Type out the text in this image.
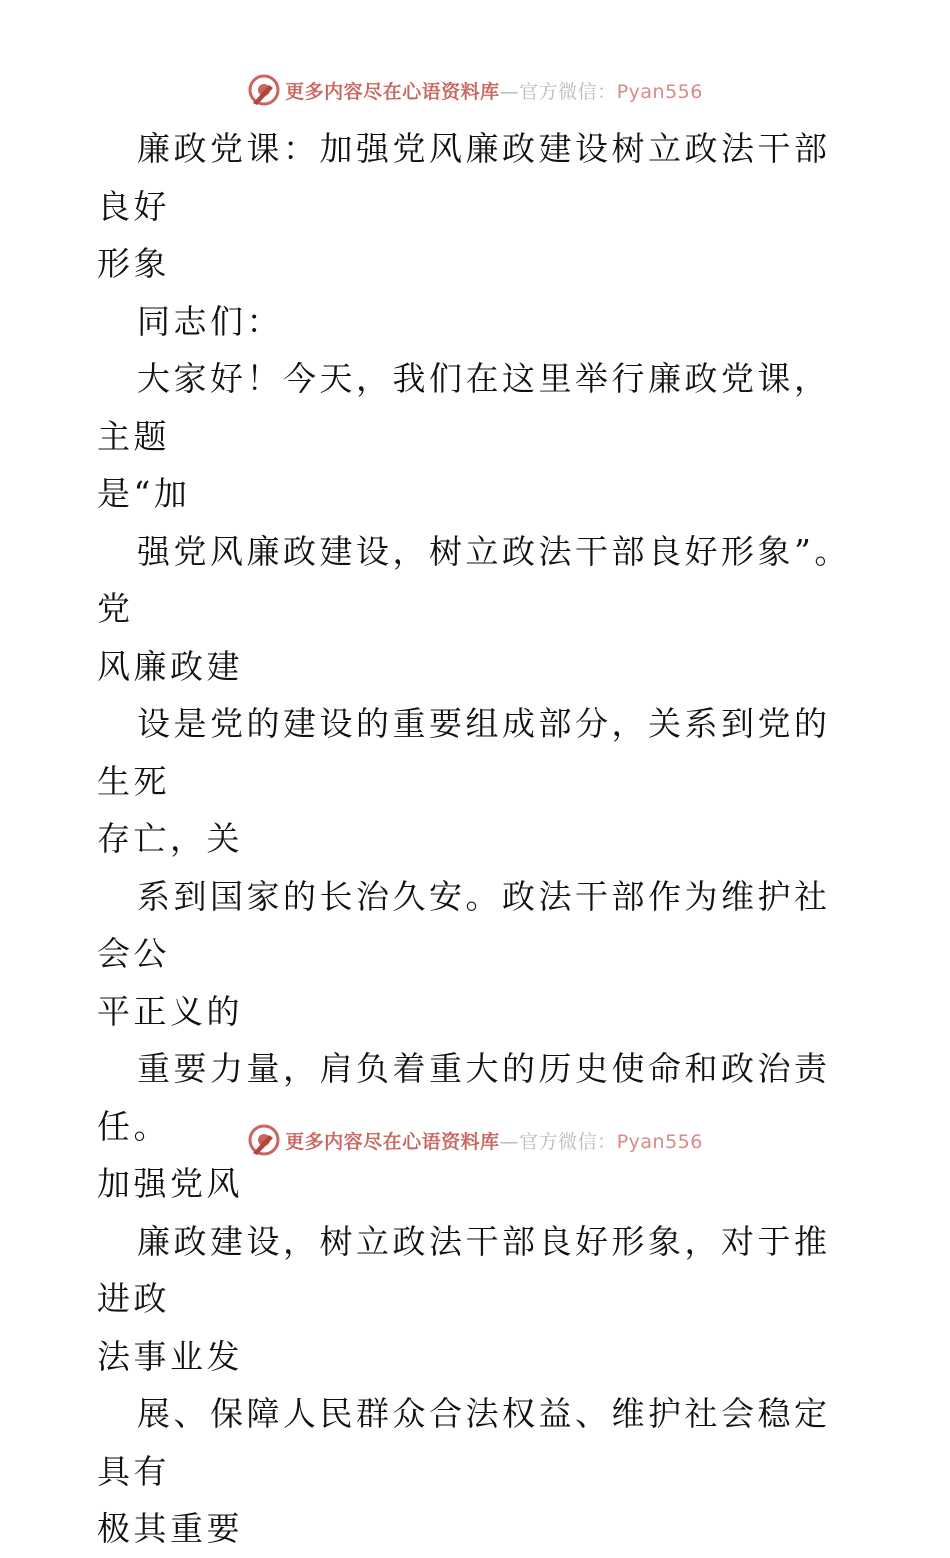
更多内容尽在心语资料库—官方微信：Pyan556

廉政党课：加强党风廉政建设树立政法干部良好

形象

同志们：

大家好！今天，我们在这里举行廉政党课，主题

是“加

强党风廉政建设，树立政法干部良好形象”。党

风廉政建

设是党的建设的重要组成部分，关系到党的生死

存亡，关

系到国家的长治久安。政法干部作为维护社会公

平正义的

重要力量，肩负着重大的历史使命和政治责任。

加强党风

廉政建设，树立政法干部良好形象，对于推进政

法事业发

展、保障人民群众合法权益、维护社会稳定具有

极其重要

更多内容尽在心语资料库—官方微信：Pyan556
